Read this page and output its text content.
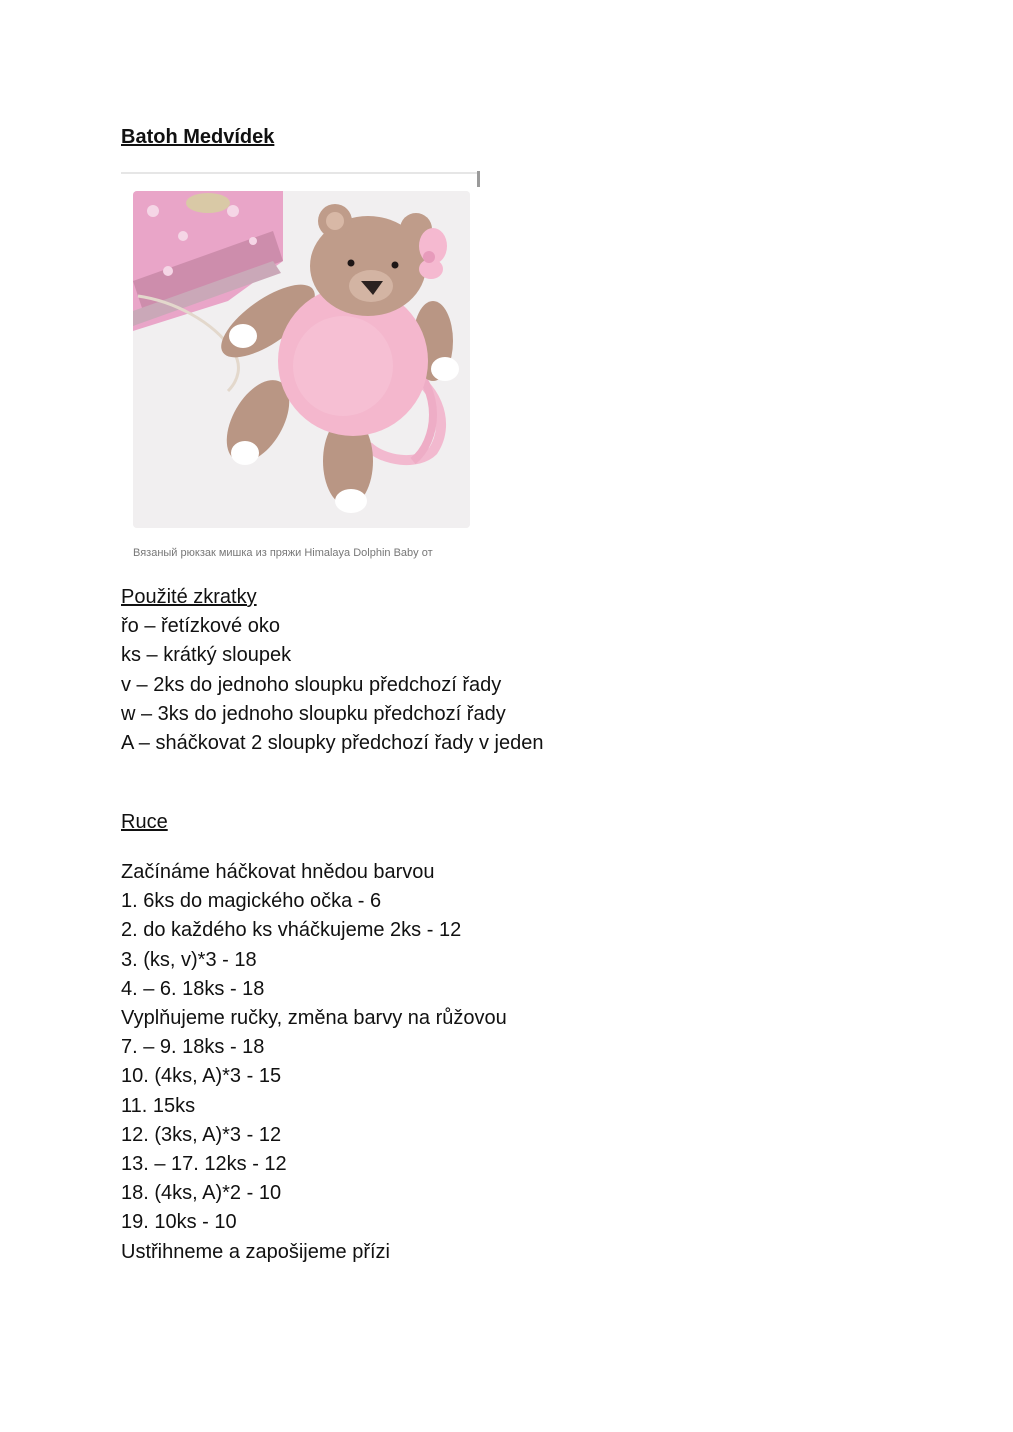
Batoh Medvídek
Вязаный рюкзак мишка из пряжи Himalaya Dolphin Baby от
Použité zkratky
řo – řetízkové oko
ks – krátký sloupek
v – 2ks do jednoho sloupku předchozí řady
w – 3ks do jednoho sloupku předchozí řady
A – sháčkovat 2 sloupky předchozí řady v jeden
Ruce
Začínáme háčkovat hnědou barvou
1. 6ks do magického očka - 6
2. do každého ks vháčkujeme 2ks - 12
3. (ks, v)*3 - 18
4. – 6. 18ks - 18
Vyplňujeme ručky, změna barvy na růžovou
7. – 9. 18ks - 18
10. (4ks, A)*3 - 15
11. 15ks
12. (3ks, A)*3 - 12
13. – 17. 12ks - 12
18. (4ks, A)*2 - 10
19. 10ks - 10
Ustřihneme a zapošijeme přízi
